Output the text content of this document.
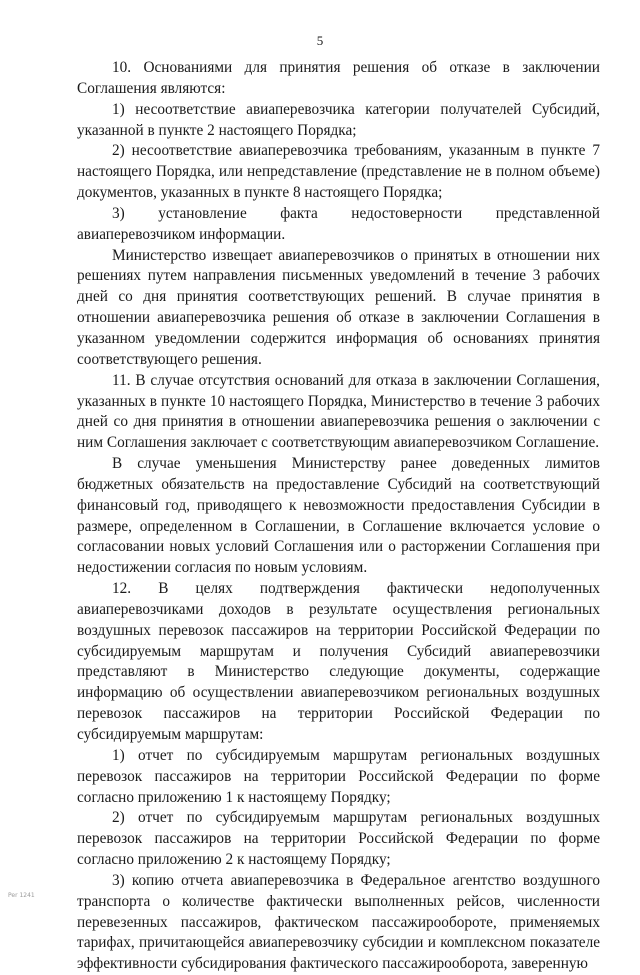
5

10. Основаниями для принятия решения об отказе в заключении Соглашения являются:

1) несоответствие авиаперевозчика категории получателей Субсидий, указанной в пункте 2 настоящего Порядка;

2) несоответствие авиаперевозчика требованиям, указанным в пункте 7 настоящего Порядка, или непредставление (представление не в полном объеме) документов, указанных в пункте 8 настоящего Порядка;

3) установление факта недостоверности представленной авиаперевозчиком информации.

Министерство извещает авиаперевозчиков о принятых в отношении них решениях путем направления письменных уведомлений в течение 3 рабочих дней со дня принятия соответствующих решений. В случае принятия в отношении авиаперевозчика решения об отказе в заключении Соглашения в указанном уведомлении содержится информация об основаниях принятия соответствующего решения.

11. В случае отсутствия оснований для отказа в заключении Соглашения, указанных в пункте 10 настоящего Порядка, Министерство в течение 3 рабочих дней со дня принятия в отношении авиаперевозчика решения о заключении с ним Соглашения заключает с соответствующим авиаперевозчиком Соглашение.

В случае уменьшения Министерству ранее доведенных лимитов бюджетных обязательств на предоставление Субсидий на соответствующий финансовый год, приводящего к невозможности предоставления Субсидии в размере, определенном в Соглашении, в Соглашение включается условие о согласовании новых условий Соглашения или о расторжении Соглашения при недостижении согласия по новым условиям.

12. В целях подтверждения фактически недополученных авиаперевозчиками доходов в результате осуществления региональных воздушных перевозок пассажиров на территории Российской Федерации по субсидируемым маршрутам и получения Субсидий авиаперевозчики представляют в Министерство следующие документы, содержащие информацию об осуществлении авиаперевозчиком региональных воздушных перевозок пассажиров на территории Российской Федерации по субсидируемым маршрутам:

1) отчет по субсидируемым маршрутам региональных воздушных перевозок пассажиров на территории Российской Федерации по форме согласно приложению 1 к настоящему Порядку;

2) отчет по субсидируемым маршрутам региональных воздушных перевозок пассажиров на территории Российской Федерации по форме согласно приложению 2 к настоящему Порядку;

3) копию отчета авиаперевозчика в Федеральное агентство воздушного транспорта о количестве фактически выполненных рейсов, численности перевезенных пассажиров, фактическом пассажирообороте, применяемых тарифах, причитающейся авиаперевозчику субсидии и комплексном показателе эффективности субсидирования фактического пассажирооборота, заверенную

Per 1241
